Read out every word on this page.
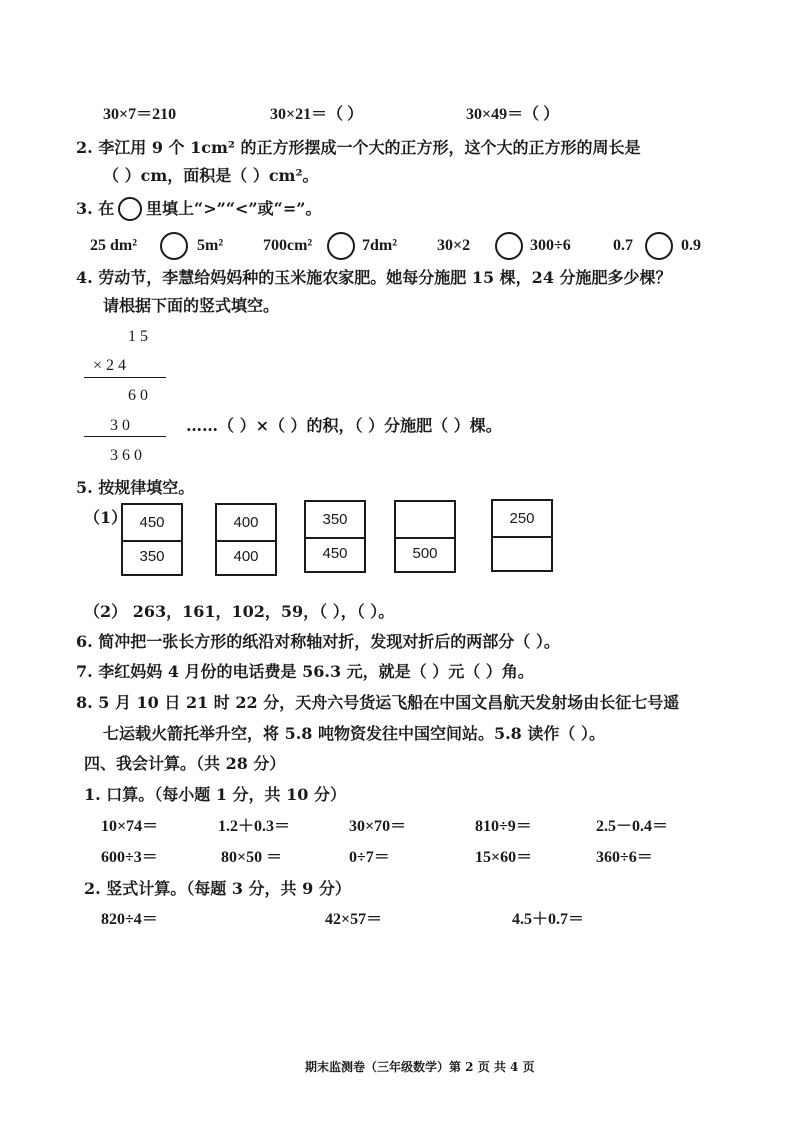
30×7＝210	30×21＝（ ）	30×49＝（ ）
2. 李江用 9 个 1cm² 的正方形摆成一个大的正方形，这个大的正方形的周长是
（ ）cm，面积是（ ）cm²。
3. 在 里填上“>”“<”或“=”。
25 dm²	5m² 700cm²	7dm² 30×2	300÷6	0.7	0.9
4. 劳动节，李慧给妈妈种的玉米施农家肥。她每分施肥 15 棵，24 分施肥多少棵？
请根据下面的竖式填空。
1 5
× 2 4
6 0
3 0	……（ ）×（ ）的积，（ ）分施肥（ ）棵。
3 6 0
5. 按规律填空。
（1） 450
350
400
400
350
450	500
250
（2） 263，161，102，59，（ ），（ ）。
6. 简冲把一张长方形的纸沿对称轴对折，发现对折后的两部分（ ）。
7. 李红妈妈 4 月份的电话费是 56.3 元，就是（ ）元（ ）角。
8. 5 月 10 日 21 时 22 分，天舟六号货运飞船在中国文昌航天发射场由长征七号遥
七运载火箭托举升空，将 5.8 吨物资发往中国空间站。5.8 读作（ ）。
四、我会计算。（共 28 分）
1. 口算。（每小题 1 分，共 10 分）
10×74＝	1.2＋0.3＝	30×70＝	810÷9＝	2.5－0.4＝
600÷3＝	80×50 ＝	0÷7＝	15×60＝	360÷6＝
2. 竖式计算。（每题 3 分，共 9 分）
820÷4＝	42×57＝	4.5＋0.7＝
期末监测卷（三年级数学）第 2 页 共 4 页
